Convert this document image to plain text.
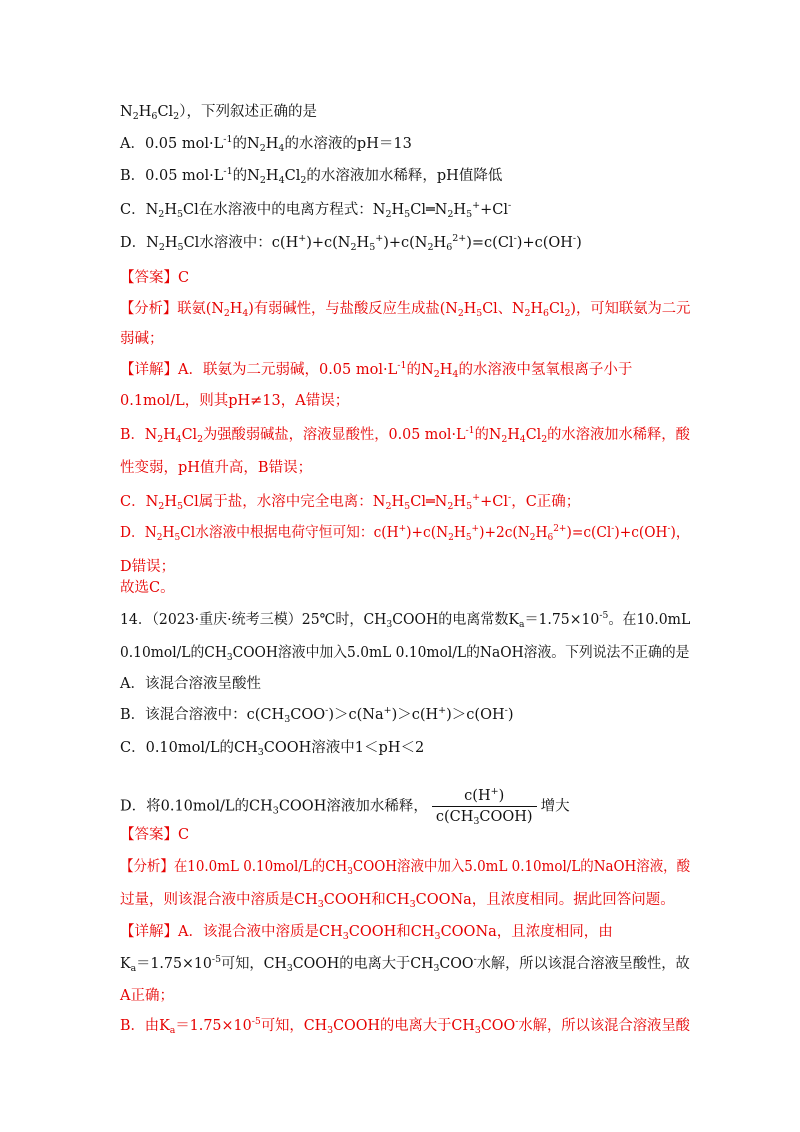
$N_2H_6Cl_2$），下列叙述正确的是
A．0.05 $mol\cdot L^{-1}$的$N_2H_4$的水溶液的pH＝13
B．0.05 $mol\cdot L^{-1}$的$N_2H_4Cl_2$的水溶液加水稀释，pH值降低
C．$N_2H_5Cl$在水溶液中的电离方程式：$N_2H_5Cl═N_2H_5^++Cl^-$
D．$N_2H_5Cl$水溶液中：$c(H^+)+c(N_2H_5^+)+c(N_2H_6^{2+})=c(Cl^-)+c(OH^-)$
【答案】C
【分析】联氨$(N_2H_4)$有弱碱性，与盐酸反应生成盐($N_2H_5Cl$、$N_2H_6Cl_2$)，可知联氨为二元
弱碱；
【详解】A．联氨为二元弱碱，0.05 $mol\cdot L^{-1}$的$N_2H_4$的水溶液中氢氧根离子小于
0.1mol/L，则其pH≠13，A错误；
B．$N_2H_4Cl_2$为强酸弱碱盐，溶液显酸性，0.05 $mol\cdot L^{-1}$的$N_2H_4Cl_2$的水溶液加水稀释，酸
性变弱，pH值升高，B错误；
C．$N_2H_5Cl$属于盐，水溶中完全电离：$N_2H_5Cl═N_2H_5^++Cl^-$，C正确；
D．$N_2H_5Cl$水溶液中根据电荷守恒可知：$c(H^+)+c(N_2H_5^+)+2c(N_2H_6^{2+})=c(Cl^-)+c(OH^-)$，
D错误；
故选C。
14．（2023·重庆·统考三模）25℃时，$CH_3COOH$的电离常数$K_a=1.75\times 10^{-5}$。在10.0mL
0.10mol/L的$CH_3COOH$溶液中加入5.0mL 0.10mol/L的NaOH溶液。下列说法不正确的是
A．该混合溶液呈酸性
B．该混合溶液中：$c(CH_3COO^-)>c(Na^+)>c(H^+)>c(OH^-)$
C．0.10mol/L的$CH_3COOH$溶液中1＜pH＜2
D．将0.10mol/L的$CH_3COOH$溶液加水稀释， $\frac{c(H^+)}{c(CH_3COOH)}$ 增大
【答案】C
【分析】在10.0mL 0.10mol/L的$CH_3COOH$溶液中加入5.0mL 0.10mol/L的NaOH溶液，酸
过量，则该混合液中溶质是$CH_3COOH$和$CH_3COONa$，且浓度相同。据此回答问题。
【详解】A．该混合液中溶质是$CH_3COOH$和$CH_3COONa$，且浓度相同，由
$K_a=1.75\times 10^{-5}$可知，$CH_3COOH$的电离大于$CH_3COO^-$水解，所以该混合溶液呈酸性，故
A正确；
B．由$K_a=1.75\times 10^{-5}$可知，$CH_3COOH$的电离大于$CH_3COO^-$水解，所以该混合溶液呈酸
